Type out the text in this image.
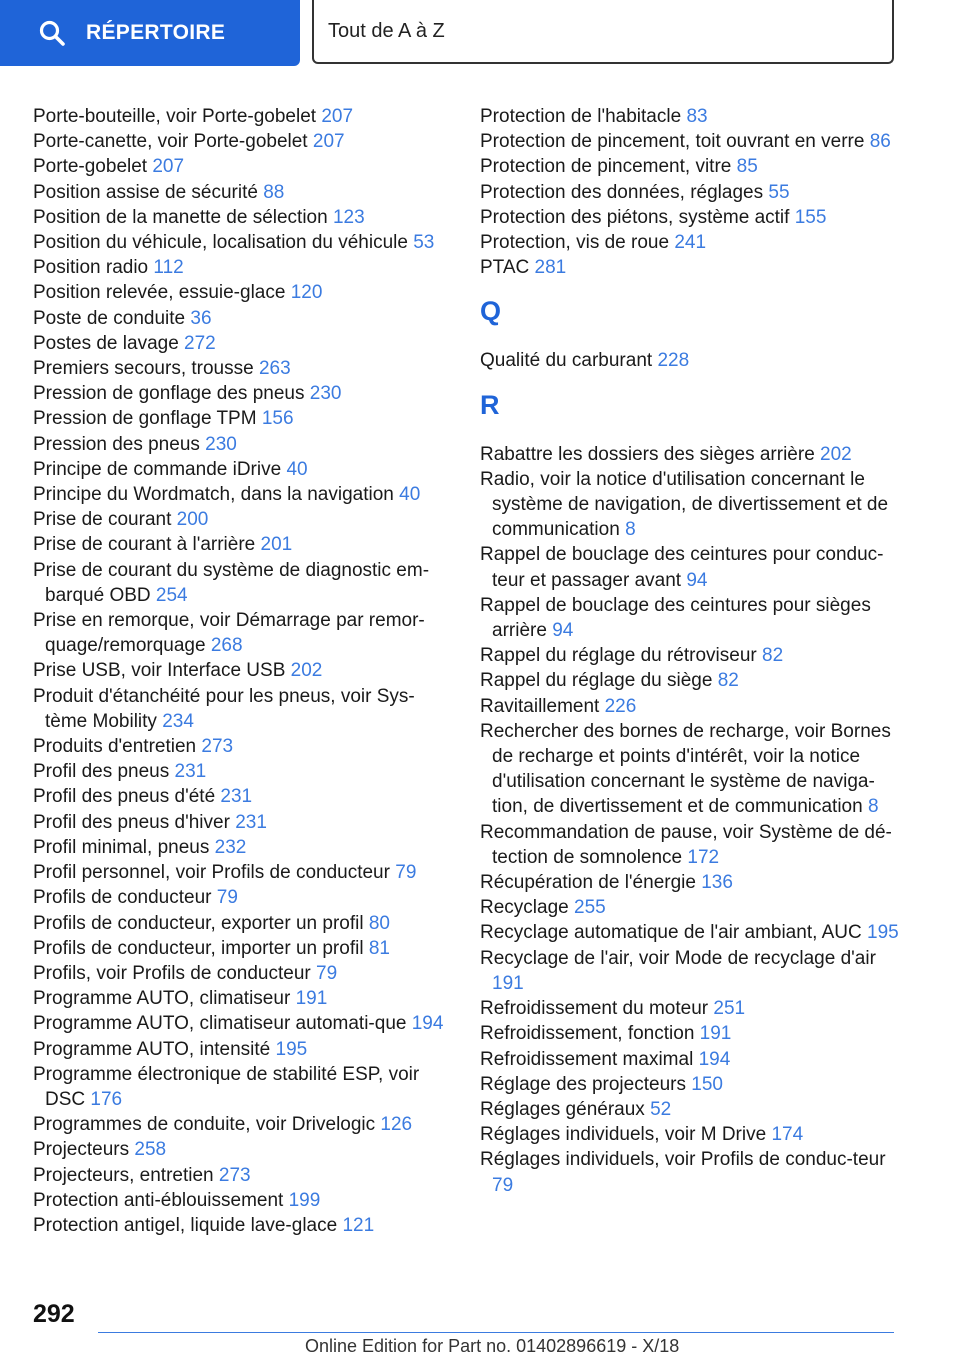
RÉPERTOIRE	Tout de A à Z
Porte-bouteille, voir Porte-gobelet 207
Porte-canette, voir Porte-gobelet 207
Porte-gobelet 207
Position assise de sécurité 88
Position de la manette de sélection 123
Position du véhicule, localisation du véhicule 53
Position radio 112
Position relevée, essuie-glace 120
Poste de conduite 36
Postes de lavage 272
Premiers secours, trousse 263
Pression de gonflage des pneus 230
Pression de gonflage TPM 156
Pression des pneus 230
Principe de commande iDrive 40
Principe du Wordmatch, dans la navigation 40
Prise de courant 200
Prise de courant à l'arrière 201
Prise de courant du système de diagnostic em-barqué OBD 254
Prise en remorque, voir Démarrage par remor-quage/remorquage 268
Prise USB, voir Interface USB 202
Produit d'étanchéité pour les pneus, voir Sys-tème Mobility 234
Produits d'entretien 273
Profil des pneus 231
Profil des pneus d'été 231
Profil des pneus d'hiver 231
Profil minimal, pneus 232
Profil personnel, voir Profils de conducteur 79
Profils de conducteur 79
Profils de conducteur, exporter un profil 80
Profils de conducteur, importer un profil 81
Profils, voir Profils de conducteur 79
Programme AUTO, climatiseur 191
Programme AUTO, climatiseur automati-que 194
Programme AUTO, intensité 195
Programme électronique de stabilité ESP, voir DSC 176
Programmes de conduite, voir Drivelogic 126
Projecteurs 258
Projecteurs, entretien 273
Protection anti-éblouissement 199
Protection antigel, liquide lave-glace 121
Protection de l'habitacle 83
Protection de pincement, toit ouvrant en verre 86
Protection de pincement, vitre 85
Protection des données, réglages 55
Protection des piétons, système actif 155
Protection, vis de roue 241
PTAC 281
Q
Qualité du carburant 228
R
Rabattre les dossiers des sièges arrière 202
Radio, voir la notice d'utilisation concernant le système de navigation, de divertissement et de communication 8
Rappel de bouclage des ceintures pour conduc-teur et passager avant 94
Rappel de bouclage des ceintures pour sièges arrière 94
Rappel du réglage du rétroviseur 82
Rappel du réglage du siège 82
Ravitaillement 226
Rechercher des bornes de recharge, voir Bornes de recharge et points d'intérêt, voir la notice d'utilisation concernant le système de naviga-tion, de divertissement et de communication 8
Recommandation de pause, voir Système de dé-tection de somnolence 172
Récupération de l'énergie 136
Recyclage 255
Recyclage automatique de l'air ambiant, AUC 195
Recyclage de l'air, voir Mode de recyclage d'air 191
Refroidissement du moteur 251
Refroidissement, fonction 191
Refroidissement maximal 194
Réglage des projecteurs 150
Réglages généraux 52
Réglages individuels, voir M Drive 174
Réglages individuels, voir Profils de conduc-teur 79
292
Online Edition for Part no. 01402896619 - X/18
